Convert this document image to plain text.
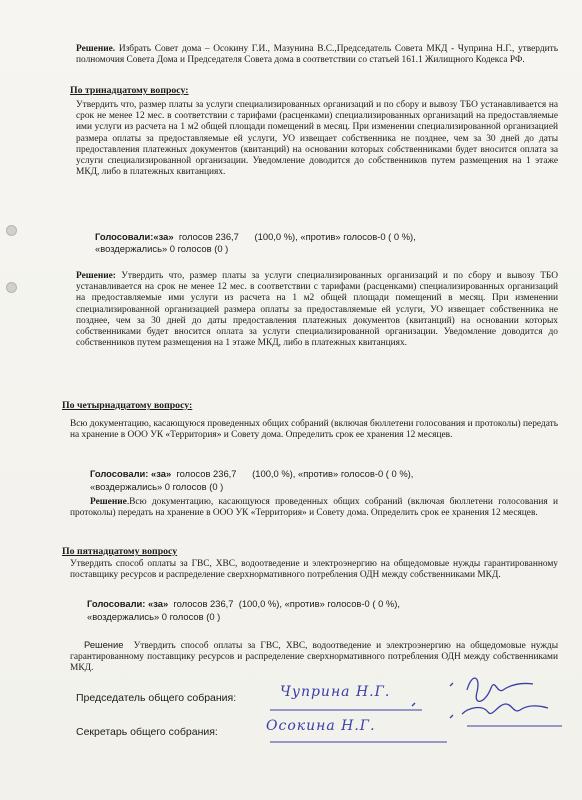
Решение. Избрать Совет дома – Осокину Г.И., Мазунина В.С.,Председатель Совета МКД - Чуприна Н.Г., утвердить полномочия Совета Дома и Председателя Совета дома в соответствии со статьей 161.1 Жилищного Кодекса РФ.

По тринадцатому вопросу:

Утвердить что, размер платы за услуги специализированных организаций и по сбору и вывозу ТБО устанавливается на срок не менее 12 мес. в соответствии с тарифами (расценками) специализированных организаций на предоставляемые ими услуги из расчета на 1 м2 общей площади помещений в месяц. При изменении специализированной организацией размера оплаты за предоставляемые ей услуги, УО извещает собственника не позднее, чем за 30 дней до даты предоставления платежных документов (квитанций) на основании которых собственниками будет вносится оплата за услуги специализированной организации. Уведомление доводится до собственников путем размещения на 1 этаже МКД, либо в платежных квитанциях.

Голосовали:«за» голосов 236,7 (100,0 %), «против» голосов-0 ( 0 %),

«воздержались» 0 голосов (0 )

Решение: Утвердить что, размер платы за услуги специализированных организаций и по сбору и вывозу ТБО устанавливается на срок не менее 12 мес. в соответствии с тарифами (расценками) специализированных организаций на предоставляемые ими услуги из расчета на 1 м2 общей площади помещений в месяц. При изменении специализированной организацией размера оплаты за предоставляемые ей услуги, УО извещает собственника не позднее, чем за 30 дней до даты предоставления платежных документов (квитанций) на основании которых собственниками будет вносится оплата за услуги специализированной организации. Уведомление доводится до собственников путем размещения на 1 этаже МКД, либо в платежных квитанциях.

По четырнадцатому вопросу:

Всю документацию, касающуюся проведенных общих собраний (включая бюллетени голосования и протоколы) передать на хранение в ООО УК «Территория» и Совету дома. Определить срок ее хранения 12 месяцев.

Голосовали: «за» голосов 236,7 (100,0 %), «против» голосов-0 ( 0 %),

«воздержались» 0 голосов (0 )

Решение.Всю документацию, касающуюся проведенных общих собраний (включая бюллетени голосования и протоколы) передать на хранение в ООО УК «Территория» и Совету дома. Определить срок ее хранения 12 месяцев.

По пятнадцатому вопросу

Утвердить способ оплаты за ГВС, ХВС, водоотведение и электроэнергию на общедомовые нужды гарантированному поставщику ресурсов и распределение сверхнормативного потребления ОДН между собственниками МКД.

Голосовали: «за» голосов 236,7 (100,0 %), «против» голосов-0 ( 0 %),

«воздержались» 0 голосов (0 )

Решение Утвердить способ оплаты за ГВС, ХВС, водоотведение и электроэнергию на общедомовые нужды гарантированному поставщику ресурсов и распределение сверхнормативного потребления ОДН между собственниками МКД.

Председатель общего собрания:
Секретарь общего собрания:
Чуприна Н.Г.
Осокина Н.Г.
